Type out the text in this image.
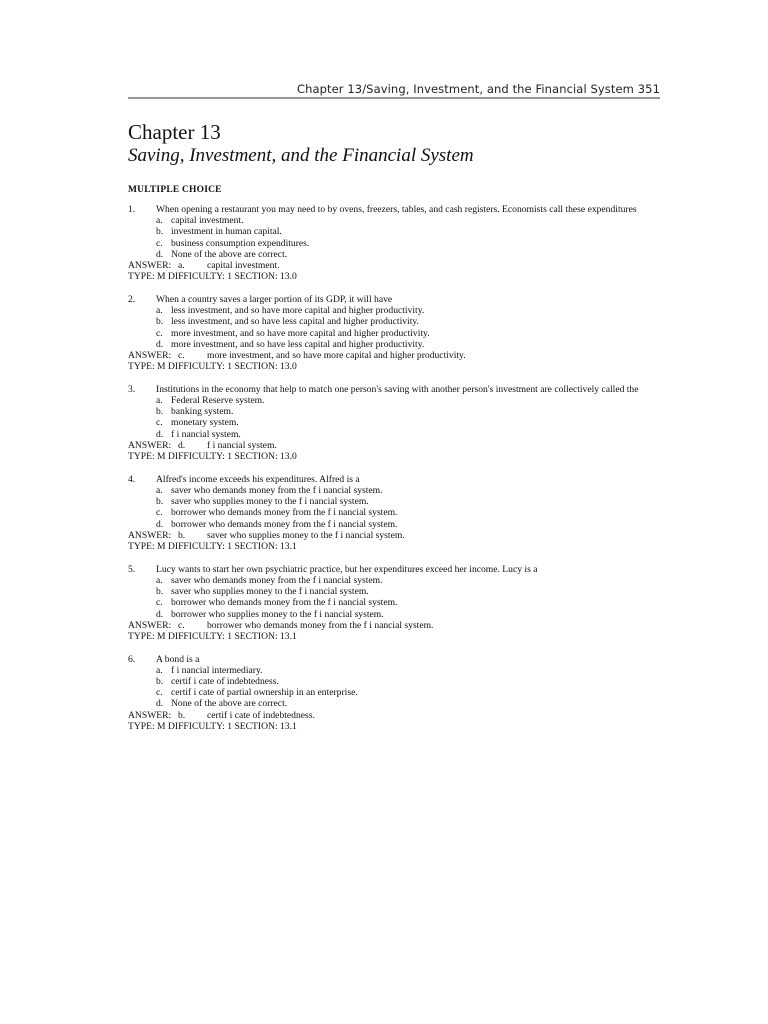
Chapter 13/Saving, Investment, and the Financial System 351
Chapter 13
Saving, Investment, and the Financial System
MULTIPLE CHOICE
1.	When opening a restaurant you may need to by ovens, freezers, tables, and cash registers. Economists call these expenditures
a. capital investment.
b. investment in human capital.
c. business consumption expenditures.
d. None of the above are correct.
ANSWER: a.	capital investment.
TYPE: M DIFFICULTY: 1 SECTION: 13.0
2.	When a country saves a larger portion of its GDP, it will have
a. less investment, and so have more capital and higher productivity.
b. less investment, and so have less capital and higher productivity.
c. more investment, and so have more capital and higher productivity.
d. more investment, and so have less capital and higher productivity.
ANSWER: c.	more investment, and so have more capital and higher productivity.
TYPE: M DIFFICULTY: 1 SECTION: 13.0
3.	Institutions in the economy that help to match one person's saving with another person's investment are collectively called the
a. Federal Reserve system.
b. banking system.
c. monetary system.
d. f i nancial system.
ANSWER: d.	f i nancial system.
TYPE: M DIFFICULTY: 1 SECTION: 13.0
4.	Alfred's income exceeds his expenditures. Alfred is a
a. saver who demands money from the f i nancial system.
b. saver who supplies money to the f i nancial system.
c. borrower who demands money from the f i nancial system.
d. borrower who demands money from the f i nancial system.
ANSWER: b.	saver who supplies money to the f i nancial system.
TYPE: M DIFFICULTY: 1 SECTION: 13.1
5.	Lucy wants to start her own psychiatric practice, but her expenditures exceed her income. Lucy is a
a. saver who demands money from the f i nancial system.
b. saver who supplies money to the f i nancial system.
c. borrower who demands money from the f i nancial system.
d. borrower who supplies money to the f i nancial system.
ANSWER: c.	borrower who demands money from the f i nancial system.
TYPE: M DIFFICULTY: 1 SECTION: 13.1
6.	A bond is a
a. f i nancial intermediary.
b. certif i cate of indebtedness.
c. certif i cate of partial ownership in an enterprise.
d. None of the above are correct.
ANSWER: b.	certif i cate of indebtedness.
TYPE: M DIFFICULTY: 1 SECTION: 13.1
